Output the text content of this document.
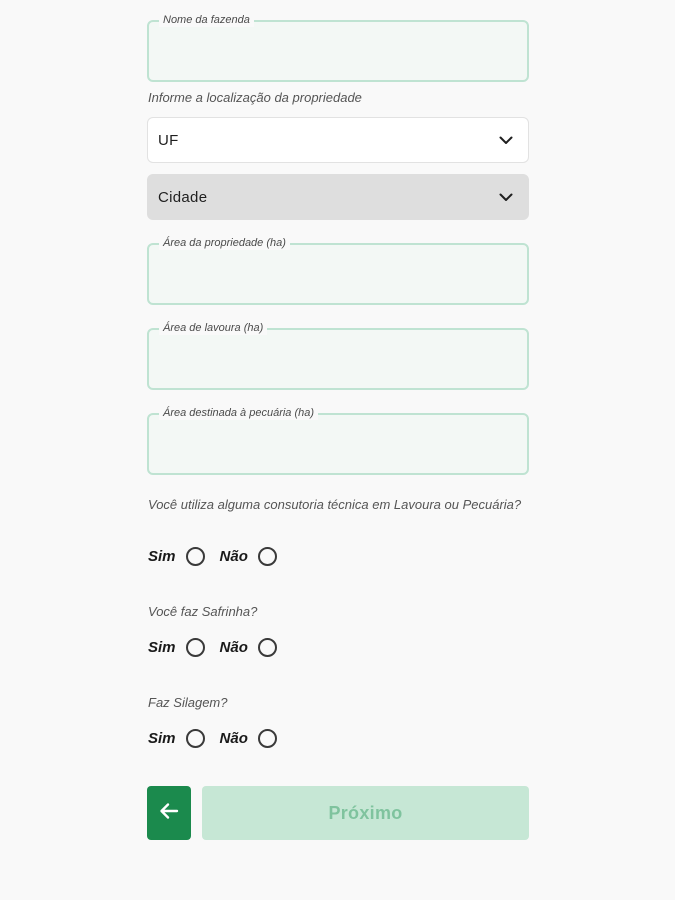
Nome da fazenda
Informe a localização da propriedade
UF
Cidade
Área da propriedade (ha)
Área de lavoura (ha)
Área destinada à pecuária (ha)
Você utiliza alguma consutoria técnica em Lavoura ou Pecuária?
Sim	Não
Você faz Safrinha?
Sim	Não
Faz Silagem?
Sim	Não
Próximo
